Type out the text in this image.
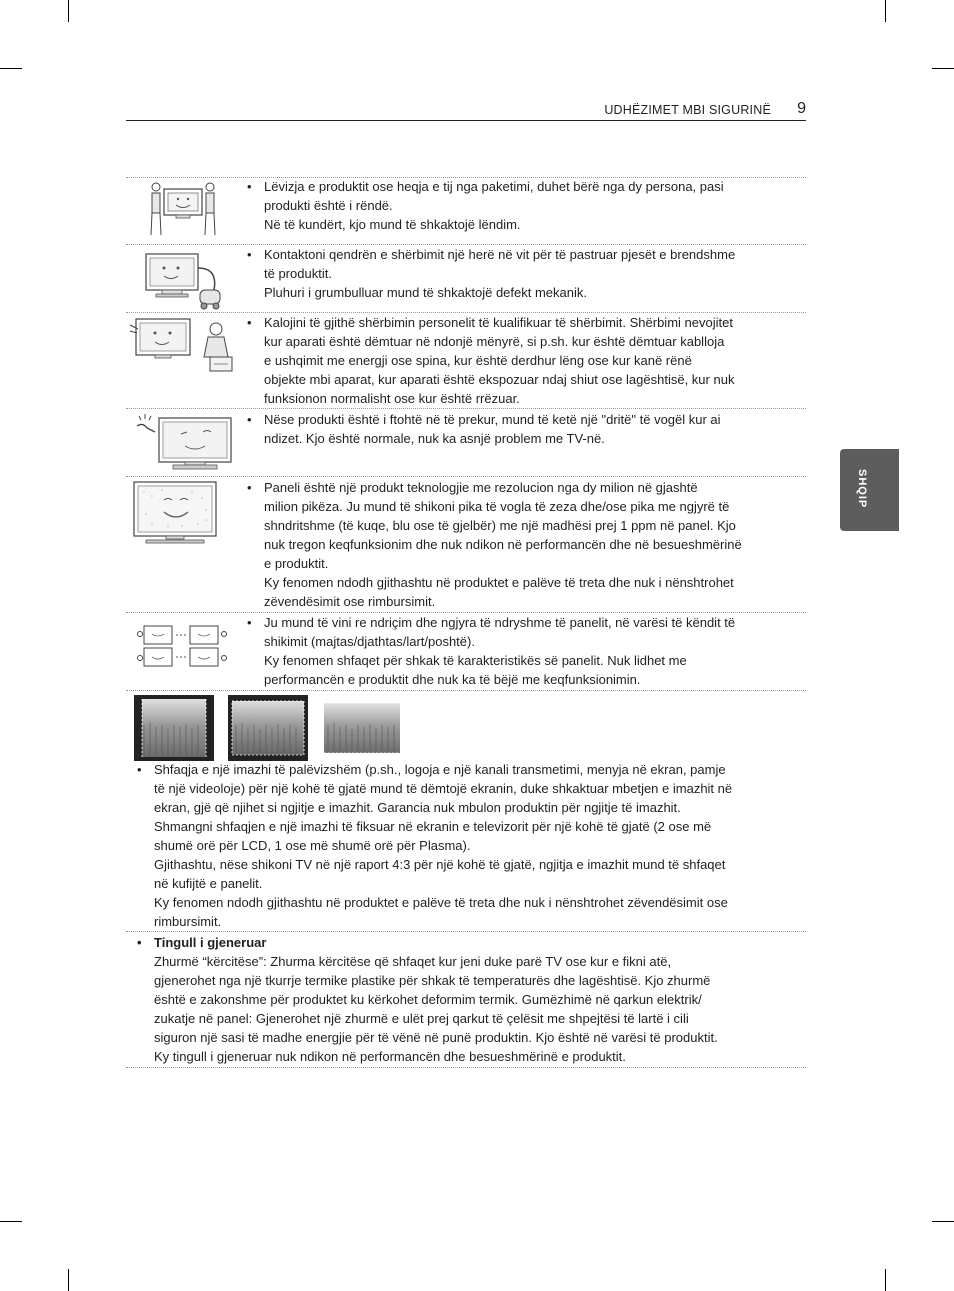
UDHËZIMET MBI SIGURINË 9
SHQIP
• Lëvizja e produktit ose heqja e tij nga paketimi, duhet bërë nga dy persona, pasi

produkti është i rëndë.

Në të kundërt, kjo mund të shkaktojë lëndim.

• Kontaktoni qendrën e shërbimit një herë në vit për të pastruar pjesët e brendshme

të produktit.

Pluhuri i grumbulluar mund të shkaktojë defekt mekanik.

• Kalojini të gjithë shërbimin personelit të kualifikuar të shërbimit. Shërbimi nevojitet

kur aparati është dëmtuar në ndonjë mënyrë, si p.sh. kur është dëmtuar kablloja

e ushqimit me energji ose spina, kur është derdhur lëng ose kur kanë rënë

objekte mbi aparat, kur aparati është ekspozuar ndaj shiut ose lagështisë, kur nuk

funksionon normalisht ose kur është rrëzuar.

• Nëse produkti është i ftohtë në të prekur, mund të ketë një "dritë" të vogël kur ai

ndizet. Kjo është normale, nuk ka asnjë problem me TV-në.

• Paneli është një produkt teknologjie me rezolucion nga dy milion në gjashtë

milion pikëza. Ju mund të shikoni pika të vogla të zeza dhe/ose pika me ngjyrë të

shndritshme (të kuqe, blu ose të gjelbër) me një madhësi prej 1 ppm në panel. Kjo

nuk tregon keqfunksionim dhe nuk ndikon në performancën dhe në besueshmërinë

e produktit.

Ky fenomen ndodh gjithashtu në produktet e palëve të treta dhe nuk i nënshtrohet

zëvendësimit ose rimbursimit.

• Ju mund të vini re ndriçim dhe ngjyra të ndryshme të panelit, në varësi të këndit të

shikimit (majtas/djathtas/lart/poshtë).

Ky fenomen shfaqet për shkak të karakteristikës së panelit. Nuk lidhet me

performancën e produktit dhe nuk ka të bëjë me keqfunksionimin.

• Shfaqja e një imazhi të palëvizshëm (p.sh., logoja e një kanali transmetimi, menyja në ekran, pamje

të një videoloje) për një kohë të gjatë mund të dëmtojë ekranin, duke shkaktuar mbetjen e imazhit në

ekran, gjë që njihet si ngjitje e imazhit. Garancia nuk mbulon produktin për ngjitje të imazhit.

Shmangni shfaqjen e një imazhi të fiksuar në ekranin e televizorit për një kohë të gjatë (2 ose më

shumë orë për LCD, 1 ose më shumë orë për Plasma).

Gjithashtu, nëse shikoni TV në një raport 4:3 për një kohë të gjatë, ngjitja e imazhit mund të shfaqet

në kufijtë e panelit.

Ky fenomen ndodh gjithashtu në produktet e palëve të treta dhe nuk i nënshtrohet zëvendësimit ose

rimbursimit.

• Tingull i gjeneruar

Zhurmë “kërcitëse”: Zhurma kërcitëse që shfaqet kur jeni duke parë TV ose kur e fikni atë,

gjenerohet nga një tkurrje termike plastike për shkak të temperaturës dhe lagështisë. Kjo zhurmë

është e zakonshme për produktet ku kërkohet deformim termik. Gumëzhimë në qarkun elektrik/

zukatje në panel: Gjenerohet një zhurmë e ulët prej qarkut të çelësit me shpejtësi të lartë i cili

siguron një sasi të madhe energjie për të vënë në punë produktin. Kjo është në varësi të produktit.

Ky tingull i gjeneruar nuk ndikon në performancën dhe besueshmërinë e produktit.
